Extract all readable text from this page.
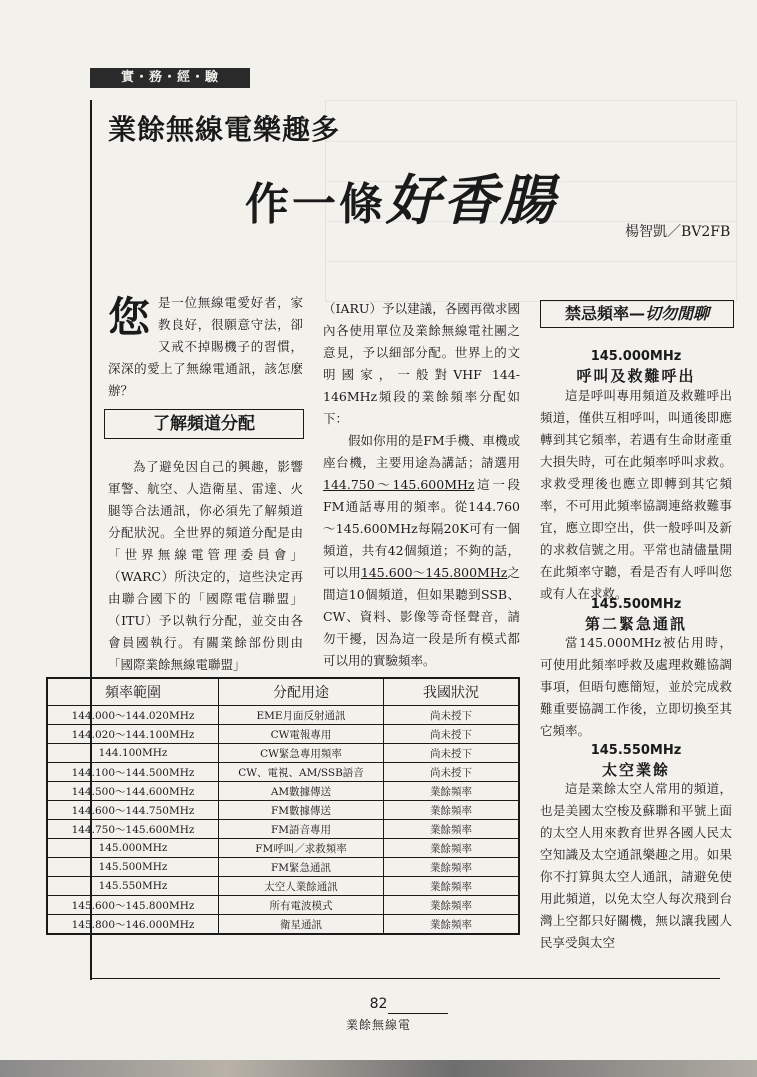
實・務・經・驗
業餘無線電樂趣多
作一條好香腸	楊智凱／BV2FB
您是一位無線電愛好者，家教良好，很願意守法，卻又戒不掉賜機子的習慣，深深的愛上了無線電通訊，該怎麼辦？
了解頻道分配
為了避免因自己的興趣，影響軍警、航空、人造衛星、雷達、火腿等合法通訊，你必須先了解頻道分配狀況。全世界的頻道分配是由「世界無線電管理委員會」（WARC）所決定的，這些決定再由聯合國下的「國際電信聯盟」（ITU）予以執行分配，並交由各會員國執行。有關業餘部份則由「國際業餘無線電聯盟」
（IARU）予以建議，各國再徵求國內各使用單位及業餘無線電社團之意見，予以細部分配。世界上的文明國家，一般對VHF 144-146MHz頻段的業餘頻率分配如下：
假如你用的是FM手機、車機或座台機，主要用途為講話；請選用144.750～145.600MHz這一段FM通話專用的頻率。從144.760～145.600MHz每隔20K可有一個頻道，共有42個頻道；不夠的話，可以用145.600～145.800MHz之間這10個頻道，但如果聽到SSB、CW、資料、影像等奇怪聲音，請勿干擾，因為這一段是所有模式都可以用的實驗頻率。
禁忌頻率—切勿閒聊
145.000MHz
呼叫及救難呼出
這是呼叫專用頻道及救難呼出頻道，僅供互相呼叫，叫通後即應轉到其它頻率，若遇有生命財產重大損失時，可在此頻率呼叫求救。求救受理後也應立即轉到其它頻率，不可用此頻率協調連絡救難事宜，應立即空出，供一般呼叫及新的求救信號之用。平常也請儘量開在此頻率守聽，看是否有人呼叫您或有人在求救。
145.500MHz
第二緊急通訊
當145.000MHz被佔用時，可使用此頻率呼救及處理救難協調事項，但晤句應簡短，並於完成救難重要協調工作後，立即切換至其它頻率。
145.550MHz
太空業餘
這是業餘太空人常用的頻道，也是美國太空梭及蘇聯和平號上面的太空人用來教育世界各國人民太空知識及太空通訊樂趣之用。如果你不打算與太空人通訊，請避免使用此頻道，以免太空人每次飛到台灣上空都只好關機，無以讓我國人民享受與太空
頻率範圍	分配用途	我國狀況
144.000～144.020MHz	EME月面反射通訊	尚未授下
144.020～144.100MHz	CW電報專用	尚未授下
144.100MHz	CW緊急專用頻率	尚未授下
144.100～144.500MHz	CW、電視、AM/SSB語音	尚未授下
144.500～144.600MHz	AM數據傳送	業餘頻率
144.600～144.750MHz	FM數據傳送	業餘頻率
144.750～145.600MHz	FM語音專用	業餘頻率
145.000MHz	FM呼叫／求救頻率	業餘頻率
145.500MHz	FM緊急通訊	業餘頻率
145.550MHz	太空人業餘通訊	業餘頻率
145.600～145.800MHz	所有電波模式	業餘頻率
145.800～146.000MHz	衛星通訊	業餘頻率
82
業餘無線電
